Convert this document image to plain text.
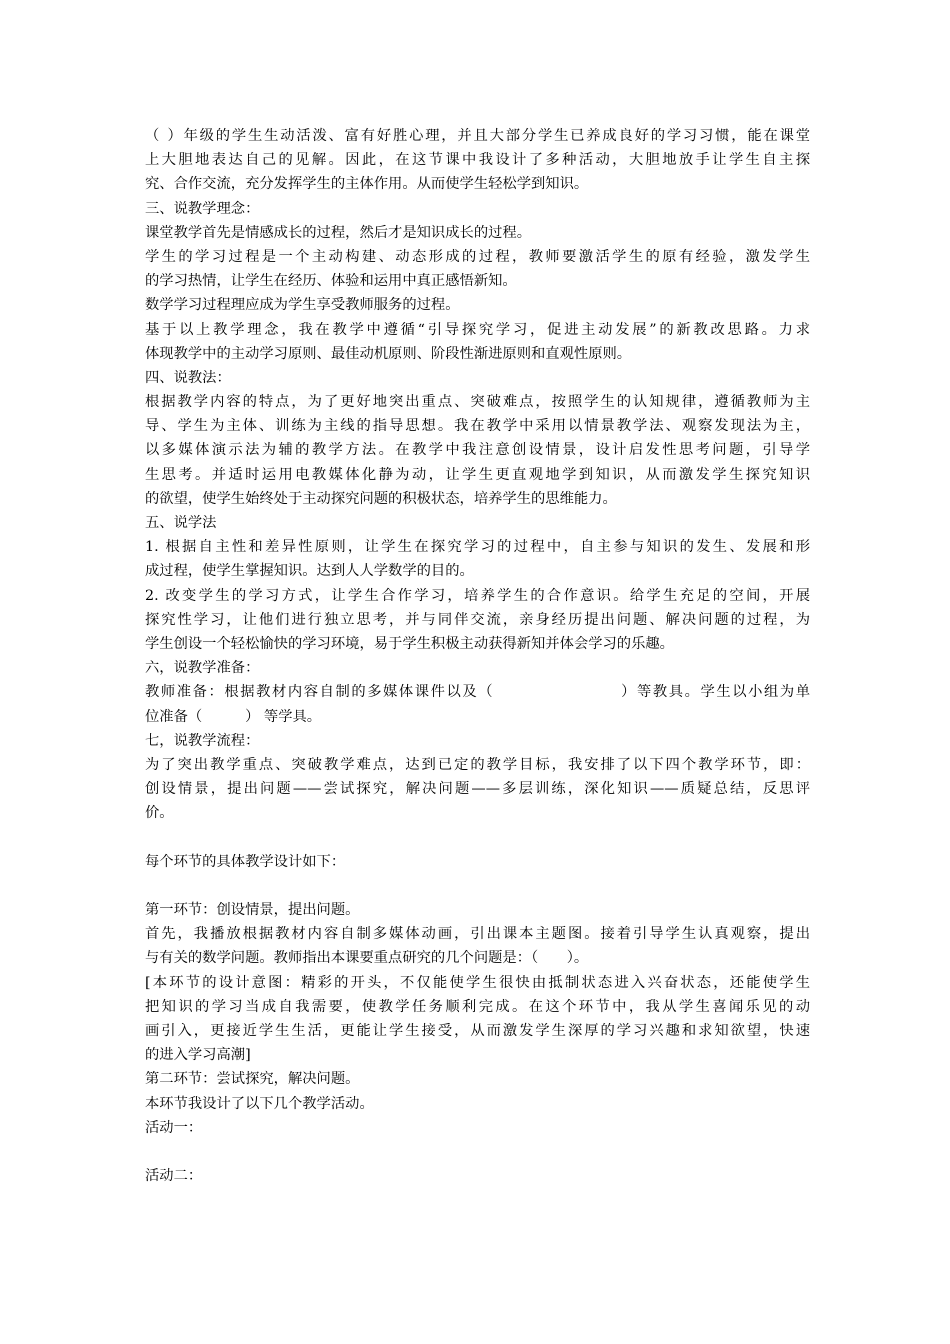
（ ）年级的学生生动活泼、富有好胜心理，并且大部分学生已养成良好的学习习惯，能在课堂
上大胆地表达自己的见解。因此，在这节课中我设计了多种活动，大胆地放手让学生自主探
究、合作交流，充分发挥学生的主体作用。从而使学生轻松学到知识。
三、说教学理念：
课堂教学首先是情感成长的过程，然后才是知识成长的过程。
学生的学习过程是一个主动构建、动态形成的过程，教师要激活学生的原有经验，激发学生
的学习热情，让学生在经历、体验和运用中真正感悟新知。
数学学习过程理应成为学生享受教师服务的过程。
基于以上教学理念，我在教学中遵循“引导探究学习，促进主动发展”的新教改思路。力求
体现教学中的主动学习原则、最佳动机原则、阶段性渐进原则和直观性原则。
四、说教法：
根据教学内容的特点，为了更好地突出重点、突破难点，按照学生的认知规律，遵循教师为主
导、学生为主体、训练为主线的指导思想。我在教学中采用以情景教学法、观察发现法为主，
以多媒体演示法为辅的教学方法。在教学中我注意创设情景，设计启发性思考问题，引导学
生思考。并适时运用电教媒体化静为动，让学生更直观地学到知识，从而激发学生探究知识
的欲望，使学生始终处于主动探究问题的积极状态，培养学生的思维能力。
五、说学法
1. 根据自主性和差异性原则，让学生在探究学习的过程中，自主参与知识的发生、发展和形
成过程，使学生掌握知识。达到人人学数学的目的。
2. 改变学生的学习方式，让学生合作学习，培养学生的合作意识。给学生充足的空间，开展
探究性学习，让他们进行独立思考，并与同伴交流，亲身经历提出问题、解决问题的过程，为
学生创设一个轻松愉快的学习环境，易于学生积极主动获得新知并体会学习的乐趣。
六，说教学准备：
教师准备：根据教材内容自制的多媒体课件以及（　　　　　　　　）等教具。学生以小组为单
位准备（　　　） 等学具。
七，说教学流程：
为了突出教学重点、突破教学难点，达到已定的教学目标，我安排了以下四个教学环节，即：
创设情景，提出问题——尝试探究，解决问题——多层训练，深化知识——质疑总结，反思评
价。
每个环节的具体教学设计如下：
第一环节：创设情景，提出问题。
首先，我播放根据教材内容自制多媒体动画，引出课本主题图。接着引导学生认真观察，提出
与有关的数学问题。教师指出本课要重点研究的几个问题是：（　　）。
[本环节的设计意图：精彩的开头，不仅能使学生很快由抵制状态进入兴奋状态，还能使学生
把知识的学习当成自我需要，使教学任务顺利完成。在这个环节中，我从学生喜闻乐见的动
画引入，更接近学生生活，更能让学生接受，从而激发学生深厚的学习兴趣和求知欲望，快速
的进入学习高潮]
第二环节：尝试探究，解决问题。
本环节我设计了以下几个教学活动。
活动一：
活动二：
